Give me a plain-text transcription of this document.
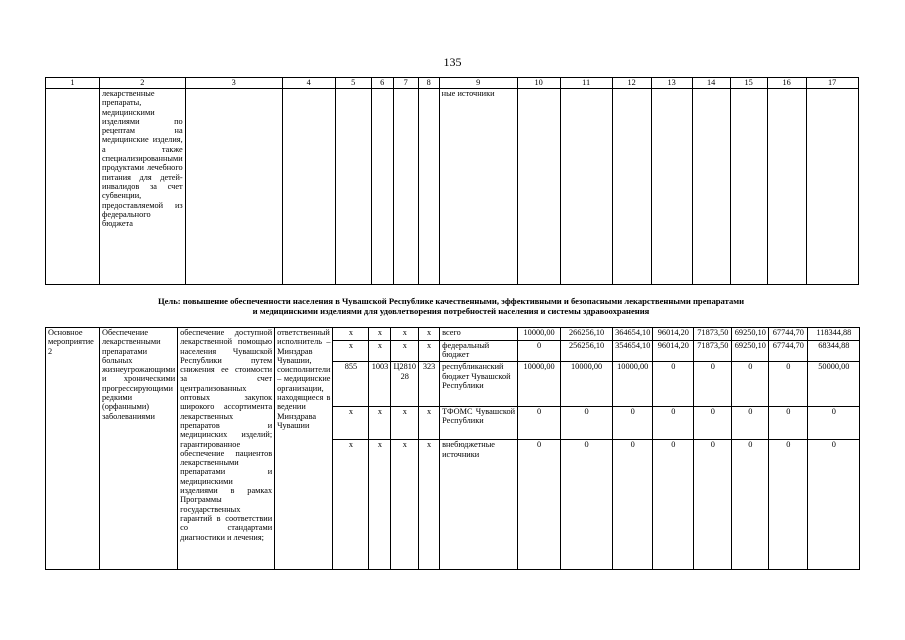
135
1	2	3	4	5	6	7	8	9	10	11	12	13	14	15	16	17
	лекарственные препараты, медицинскими изделиями по рецептам на медицинские изделия, а также специализированными продуктами лечебного питания для детей-инвалидов за счет субвенции, предоставляемой из федерального бюджета							ные источники								
Цель: повышение обеспеченности населения в Чувашской Республике качественными, эффективными и безопасными лекарственными препаратами
и медицинскими изделиями для удовлетворения потребностей населения и системы здравоохранения
Основное мероприятие 2	Обеспечение лекарственными препаратами больных жизнеугрожающими и хроническими прогрессирующими редкими (орфанными) заболеваниями	обеспечение доступной лекарственной помощью населения Чувашской Республики путем снижения ее стоимости за счет централизованных оптовых закупок широкого ассортимента лекарственных препаратов и медицинских изделий; гарантированное обеспечение пациентов лекарственными препаратами и медицинскими изделиями в рамках Программы государственных гарантий в соответствии со стандартами диагностики и лечения;	ответственный исполнитель – Минздрав Чувашии, соисполнители – медицинские организации, находящиеся в ведении Минздрава Чувашии	x	x	x	x	всего	10000,00	266256,10	364654,10	96014,20	71873,50	69250,10	67744,70	118344,88
				x	x	x	x	федеральный бюджет	0	256256,10	354654,10	96014,20	71873,50	69250,10	67744,70	68344,88
				855	1003	Ц2810 28	323	республиканский бюджет Чувашской Республики	10000,00	10000,00	10000,00	0	0	0	0	50000,00
				x	x	x	x	ТФОМС Чувашской Республики	0	0	0	0	0	0	0	0
				x	x	x	x	внебюджетные источники	0	0	0	0	0	0	0	0
